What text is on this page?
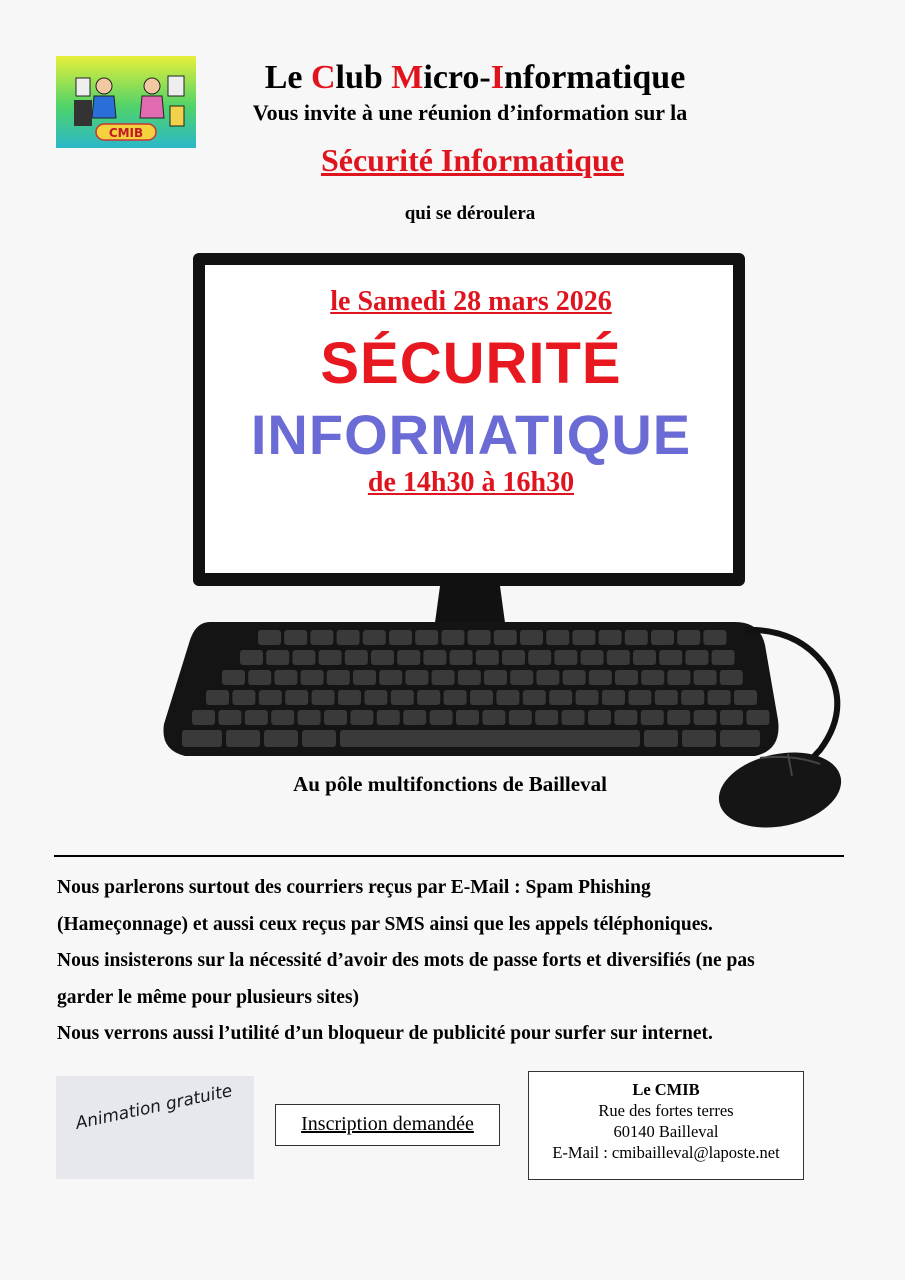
CMIB
Le Club Micro-Informatique
Vous invite à une réunion d’information sur la
Sécurité Informatique
qui se déroulera
le Samedi 28 mars 2026
SÉCURITÉ
INFORMATIQUE
de 14h30 à 16h30
Au pôle multifonctions de Bailleval

Nous parlerons surtout des courriers reçus par E-Mail : Spam Phishing

(Hameçonnage) et aussi ceux reçus par SMS ainsi que les appels téléphoniques.

Nous insisterons sur la nécessité d’avoir des mots de passe forts et diversifiés (ne pas

garder le même pour plusieurs sites)

Nous verrons aussi l’utilité d’un bloqueur de publicité pour surfer sur internet.

Animation gratuite	Inscription demandée
Le CMIB
Rue des fortes terres
60140 Bailleval
E-Mail : cmibailleval@laposte.net
